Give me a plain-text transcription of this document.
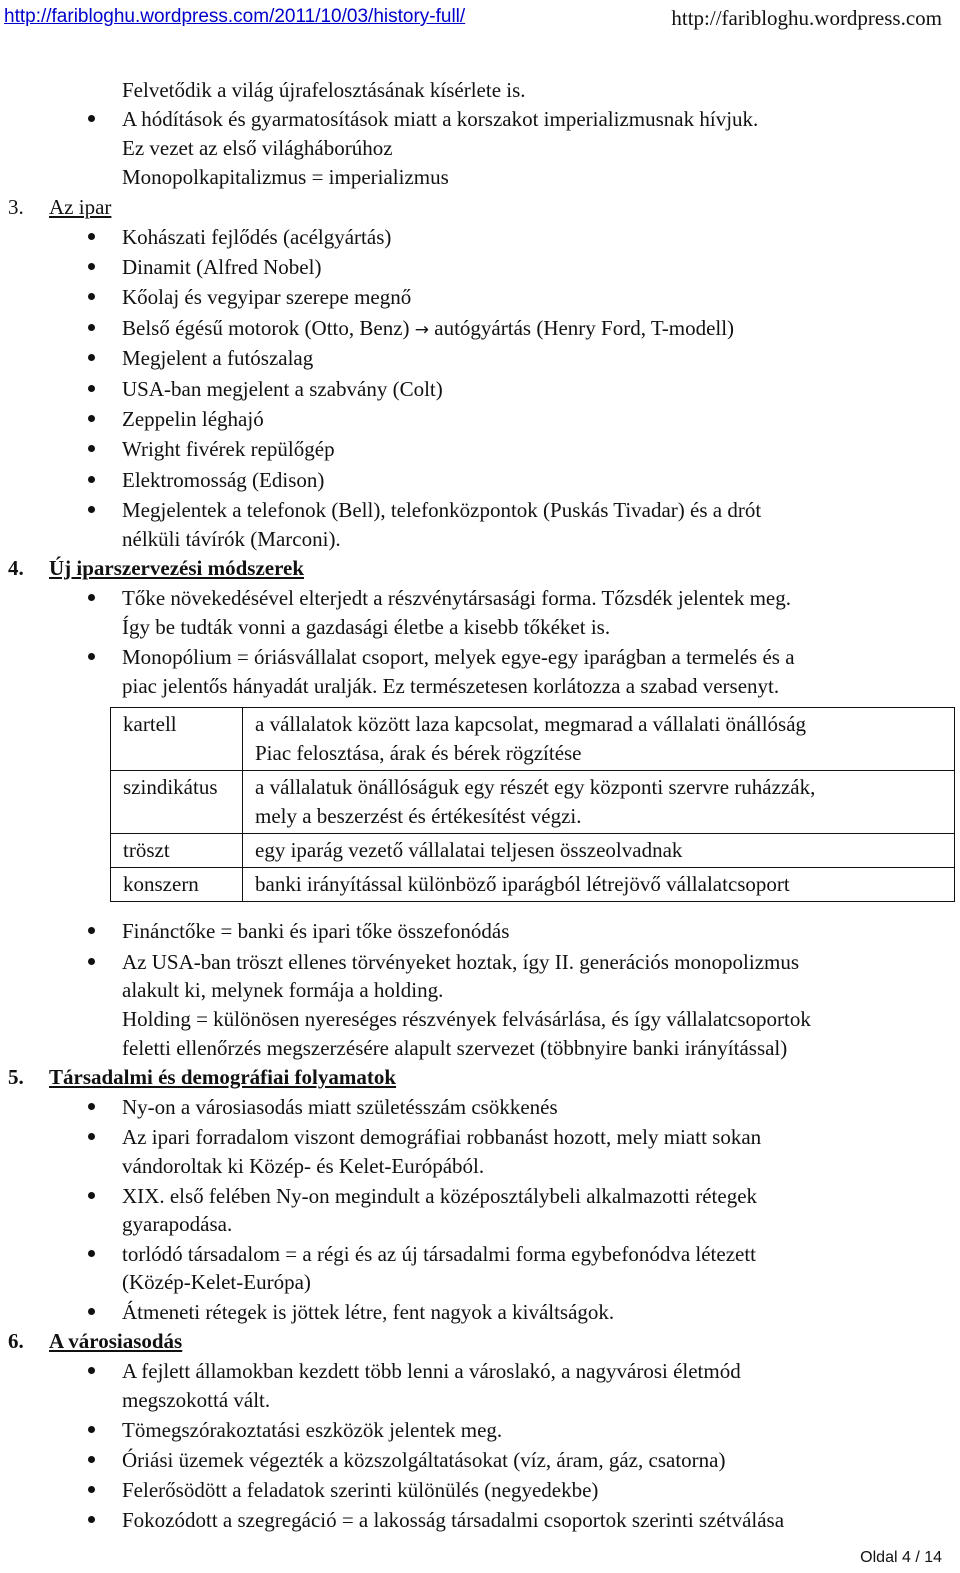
http://faribloghu.wordpress.com/2011/10/03/history-full/	http://faribloghu.wordpress.com
Felvetődik a világ újrafelosztásának kísérlete is.
A hódítások és gyarmatosítások miatt a korszakot imperializmusnak hívjuk.
Ez vezet az első világháborúhoz
Monopolkapitalizmus = imperializmus
3. Az ipar
Kohászati fejlődés (acélgyártás)
Dinamit (Alfred Nobel)
Kőolaj és vegyipar szerepe megnő
Belső égésű motorok (Otto, Benz) → autógyártás (Henry Ford, T-modell)
Megjelent a futószalag
USA-ban megjelent a szabvány (Colt)
Zeppelin léghajó
Wright fivérek repülőgép
Elektromosság (Edison)
Megjelentek a telefonok (Bell), telefonközpontok (Puskás Tivadar) és a drót
nélküli távírók (Marconi).
4. Új iparszervezési módszerek
Tőke növekedésével elterjedt a részvénytársasági forma. Tőzsdék jelentek meg.
Így be tudták vonni a gazdasági életbe a kisebb tőkéket is.
Monopólium = óriásvállalat csoport, melyek egye-egy iparágban a termelés és a
piac jelentős hányadát uralják. Ez természetesen korlátozza a szabad versenyt.
kartell	a vállalatok között laza kapcsolat, megmarad a vállalati önállóság
Piac felosztása, árak és bérek rögzítése

szindikátus	a vállalatuk önállóságuk egy részét egy központi szervre ruházzák,
mely a beszerzést és értékesítést végzi.

tröszt	egy iparág vezető vállalatai teljesen összeolvadnak

konszern	banki irányítással különböző iparágból létrejövő vállalatcsoport
Finánctőke = banki és ipari tőke összefonódás
Az USA-ban tröszt ellenes törvényeket hoztak, így II. generációs monopolizmus
alakult ki, melynek formája a holding.
Holding = különösen nyereséges részvények felvásárlása, és így vállalatcsoportok
feletti ellenőrzés megszerzésére alapult szervezet (többnyire banki irányítással)
5. Társadalmi és demográfiai folyamatok
Ny-on a városiasodás miatt születésszám csökkenés
Az ipari forradalom viszont demográfiai robbanást hozott, mely miatt sokan
vándoroltak ki Közép- és Kelet-Európából.
XIX. első felében Ny-on megindult a középosztálybeli alkalmazotti rétegek
gyarapodása.
torlódó társadalom = a régi és az új társadalmi forma egybefonódva létezett
(Közép-Kelet-Európa)
Átmeneti rétegek is jöttek létre, fent nagyok a kiváltságok.
6. A városiasodás
A fejlett államokban kezdett több lenni a városlakó, a nagyvárosi életmód
megszokottá vált.
Tömegszórakoztatási eszközök jelentek meg.
Óriási üzemek végezték a közszolgáltatásokat (víz, áram, gáz, csatorna)
Felerősödött a feladatok szerinti különülés (negyedekbe)
Fokozódott a szegregáció = a lakosság társadalmi csoportok szerinti szétválása
Oldal 4 / 14
